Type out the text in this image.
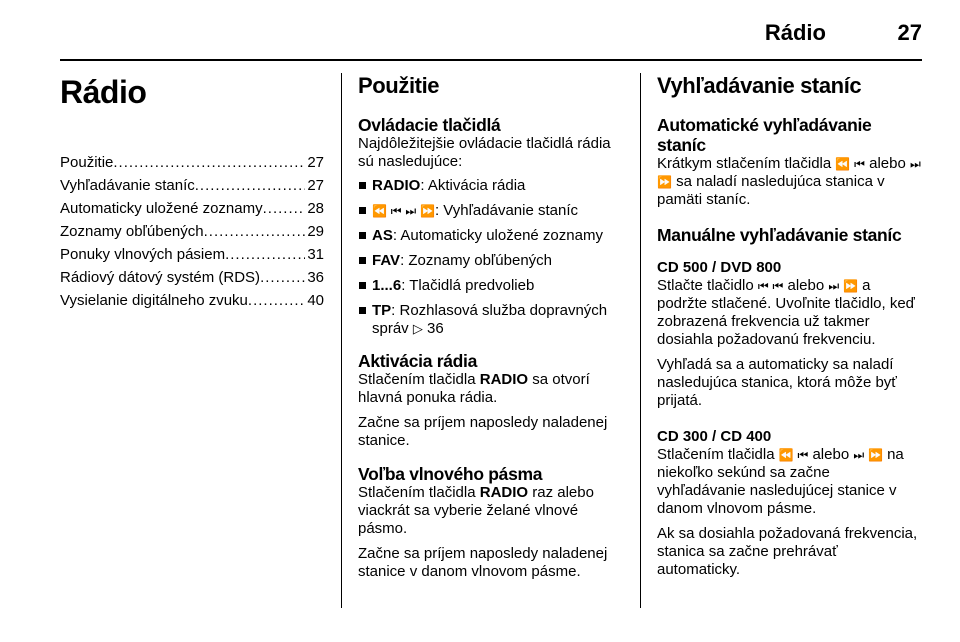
Rádio	27
Rádio
Použitie .....	27
Vyhľadávanie staníc .....	27
Automaticky uložené zoznamy .....	28
Zoznamy obľúbených .....	29
Ponuky vlnových pásiem .....	31
Rádiový dátový systém (RDS) .....	36
Vysielanie digitálneho zvuku .....	40
Použitie
Ovládacie tlačidlá

Najdôležitejšie ovládacie tlačidlá rádia sú nasledujúce:

RADIO: Aktivácia rádia
⏪ ⏮ ⏭ ⏩: Vyhľadávanie staníc
AS: Automaticky uložené zoznamy
FAV: Zoznamy obľúbených
1...6: Tlačidlá predvolieb
TP: Rozhlasová služba dopravných správ ▷ 36
Aktivácia rádia

Stlačením tlačidla RADIO sa otvorí hlavná ponuka rádia.

Začne sa príjem naposledy naladenej stanice.

Voľba vlnového pásma

Stlačením tlačidla RADIO raz alebo viackrát sa vyberie želané vlnové pásmo.

Začne sa príjem naposledy naladenej stanice v danom vlnovom pásme.

Vyhľadávanie staníc
Automatické vyhľadávanie staníc

Krátkym stlačením tlačidla ⏪ ⏮ alebo ⏭ ⏩ sa naladí nasledujúca stanica v pamäti staníc.

Manuálne vyhľadávanie staníc
CD 500 / DVD 800

Stlačte tlačidlo ⏮ ⏮ alebo ⏭ ⏩ a podržte stlačené. Uvoľnite tlačidlo, keď zobrazená frekvencia už takmer dosiahla požadovanú frekvenciu.

Vyhľadá sa a automaticky sa naladí nasledujúca stanica, ktorá môže byť prijatá.

CD 300 / CD 400

Stlačením tlačidla ⏪ ⏮ alebo ⏭ ⏩ na niekoľko sekúnd sa začne vyhľadávanie nasledujúcej stanice v danom vlnovom pásme.

Ak sa dosiahla požadovaná frekvencia, stanica sa začne prehrávať automaticky.
